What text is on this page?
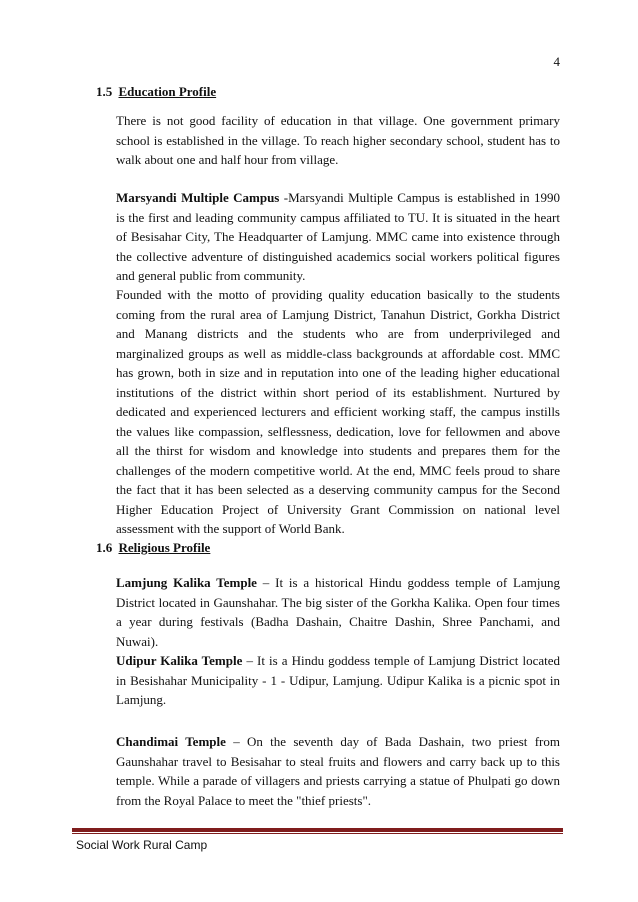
4
1.5 Education Profile

There is not good facility of education in that village. One government primary school is established in the village. To reach higher secondary school, student has to walk about one and half hour from village.

Marsyandi Multiple Campus -Marsyandi Multiple Campus is established in 1990 is the first and leading community campus affiliated to TU. It is situated in the heart of Besisahar City, The Headquarter of Lamjung. MMC came into existence through the collective adventure of distinguished academics social workers political figures and general public from community.

Founded with the motto of providing quality education basically to the students coming from the rural area of Lamjung District, Tanahun District, Gorkha District and Manang districts and the students who are from underprivileged and marginalized groups as well as middle-class backgrounds at affordable cost. MMC has grown, both in size and in reputation into one of the leading higher educational institutions of the district within short period of its establishment. Nurtured by dedicated and experienced lecturers and efficient working staff, the campus instills the values like compassion, selflessness, dedication, love for fellowmen and above all the thirst for wisdom and knowledge into students and prepares them for the challenges of the modern competitive world. At the end, MMC feels proud to share the fact that it has been selected as a deserving community campus for the Second Higher Education Project of University Grant Commission on national level assessment with the support of World Bank.

1.6 Religious Profile

Lamjung Kalika Temple – It is a historical Hindu goddess temple of Lamjung District located in Gaunshahar. The big sister of the Gorkha Kalika. Open four times a year during festivals (Badha Dashain, Chaitre Dashin, Shree Panchami, and Nuwai).

Udipur Kalika Temple – It is a Hindu goddess temple of Lamjung District located in Besishahar Municipality - 1 - Udipur, Lamjung. Udipur Kalika is a picnic spot in Lamjung.

Chandimai Temple – On the seventh day of Bada Dashain, two priest from Gaunshahar travel to Besisahar to steal fruits and flowers and carry back up to this temple. While a parade of villagers and priests carrying a statue of Phulpati go down from the Royal Palace to meet the "thief priests".

Social Work Rural Camp
